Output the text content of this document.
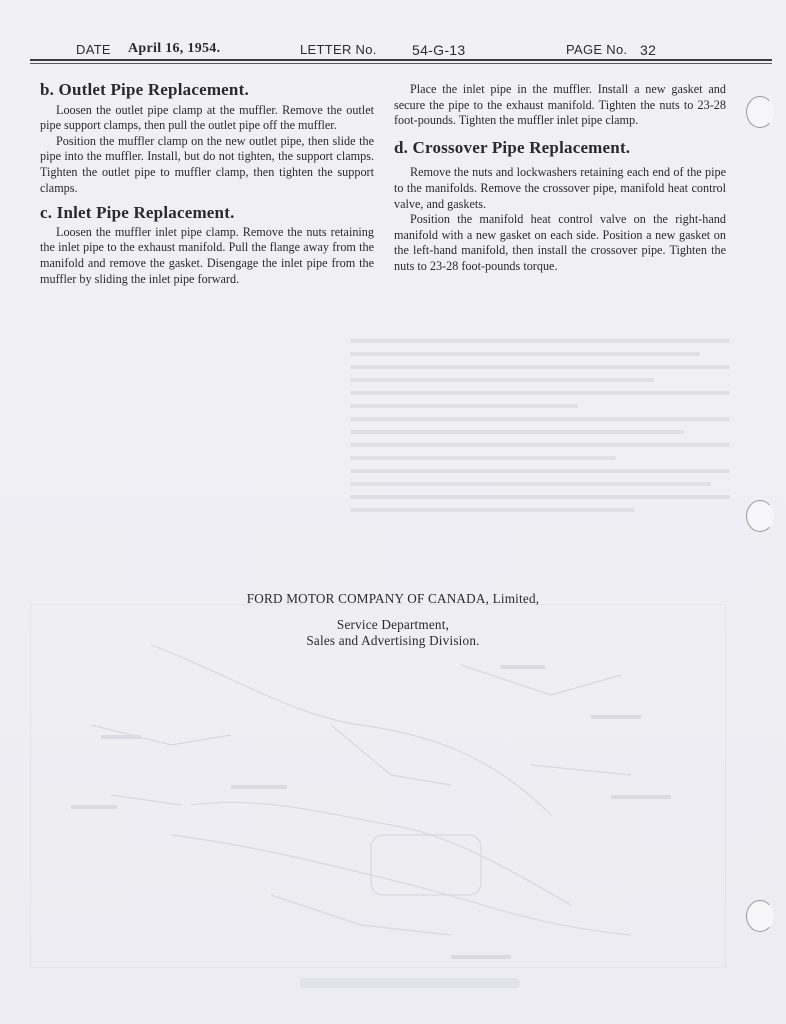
DATE April 16, 1954.	LETTER No.	54-G-13	PAGE No. 32
b. Outlet Pipe Replacement.

Loosen the outlet pipe clamp at the muffler. Remove the outlet pipe support clamps, then pull the outlet pipe off the muffler.

Position the muffler clamp on the new outlet pipe, then slide the pipe into the muffler. Install, but do not tighten, the support clamps. Tighten the outlet pipe to muffler clamp, then tighten the support clamps.

c. Inlet Pipe Replacement.

Loosen the muffler inlet pipe clamp. Remove the nuts retaining the inlet pipe to the exhaust manifold. Pull the flange away from the manifold and remove the gasket. Disengage the inlet pipe from the muffler by sliding the inlet pipe forward.

Place the inlet pipe in the muffler. Install a new gasket and secure the pipe to the exhaust manifold. Tighten the nuts to 23-28 foot-pounds. Tighten the muffler inlet pipe clamp.

d. Crossover Pipe Replacement.

Remove the nuts and lockwashers retaining each end of the pipe to the manifolds. Remove the crossover pipe, manifold heat control valve, and gaskets.

Position the manifold heat control valve on the right-hand manifold with a new gasket on each side. Position a new gasket on the left-hand manifold, then install the crossover pipe. Tighten the nuts to 23-28 foot-pounds torque.

FORD MOTOR COMPANY OF CANADA, Limited,
Service Department,
Sales and Advertising Division.
